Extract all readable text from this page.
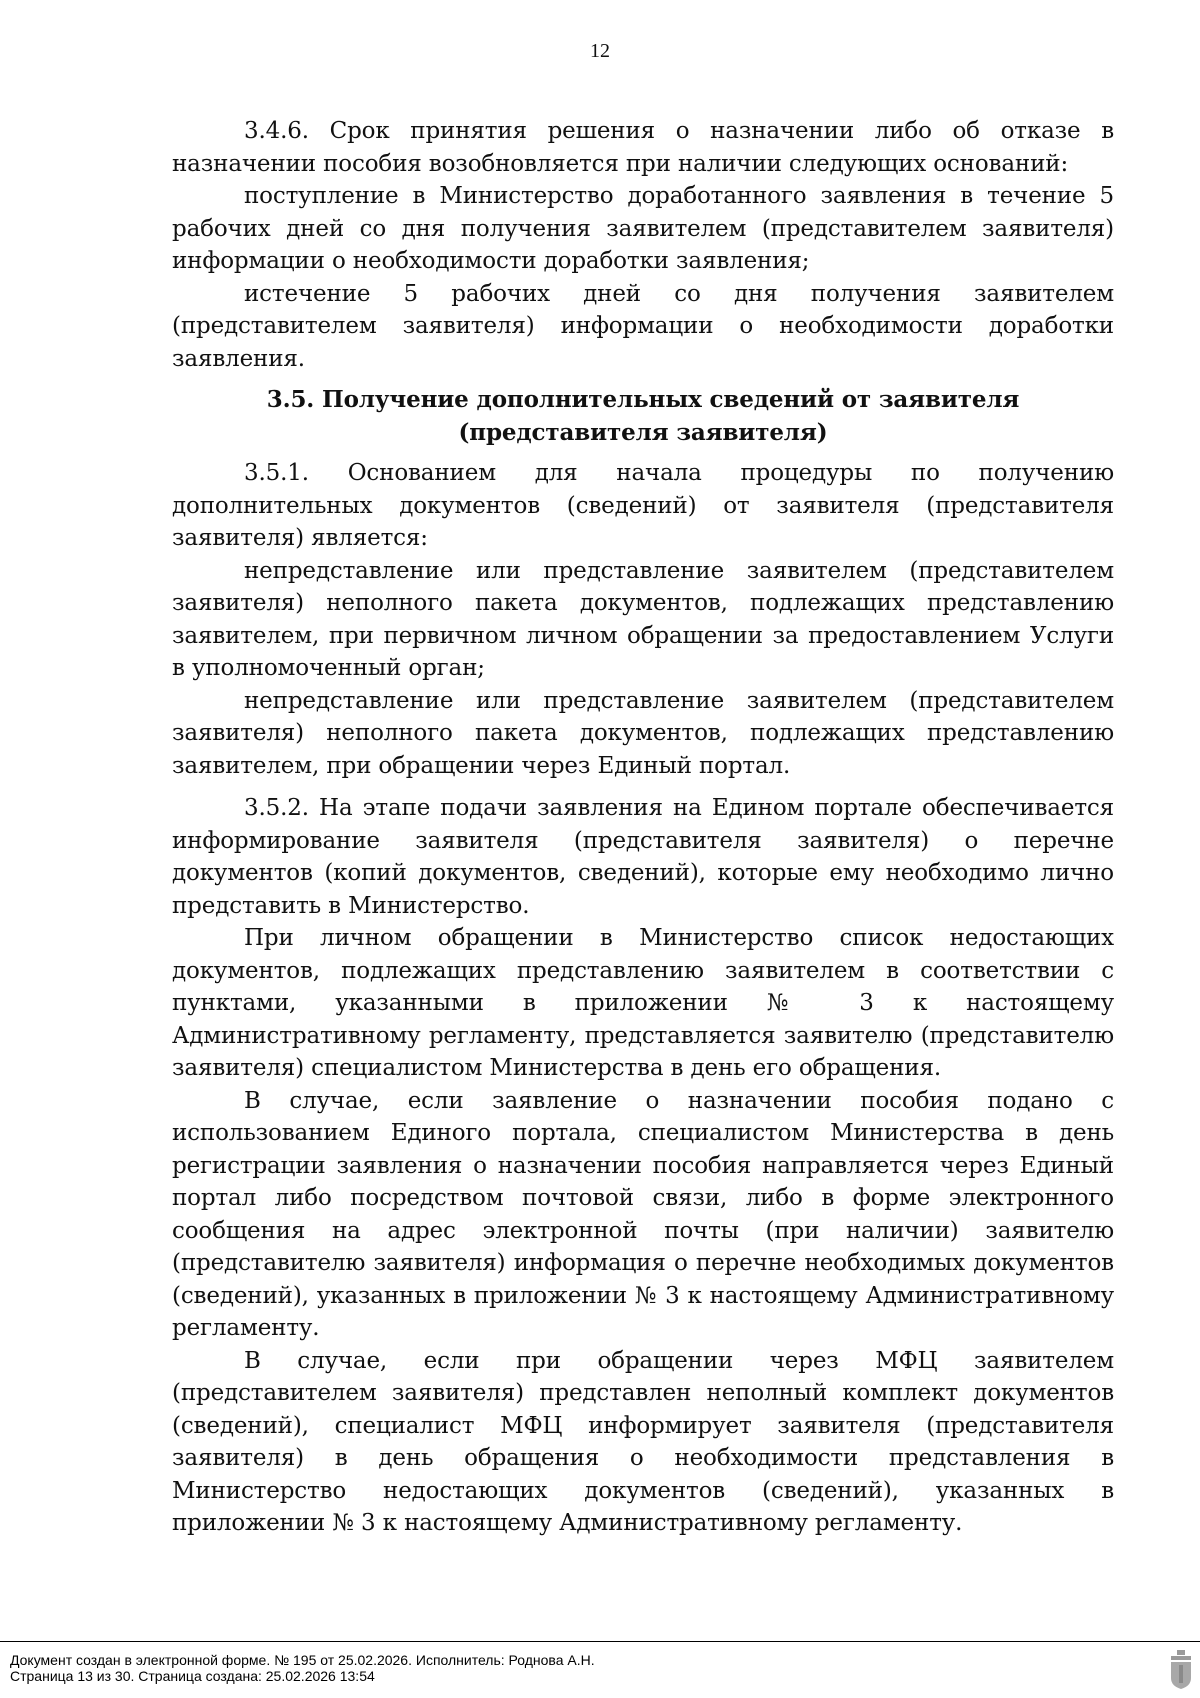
12

3.4.6. Срок принятия решения о назначении либо об отказе в назначении пособия возобновляется при наличии следующих оснований:

поступление в Министерство доработанного заявления в течение 5 рабочих дней со дня получения заявителем (представителем заявителя) информации о необходимости доработки заявления;

истечение 5 рабочих дней со дня получения заявителем (представителем заявителя) информации о необходимости доработки заявления.

3.5. Получение дополнительных сведений от заявителя (представителя заявителя)

3.5.1. Основанием для начала процедуры по получению дополнительных документов (сведений) от заявителя (представителя заявителя) является:

непредставление или представление заявителем (представителем заявителя) неполного пакета документов, подлежащих представлению заявителем, при первичном личном обращении за предоставлением Услуги в уполномоченный орган;

непредставление или представление заявителем (представителем заявителя) неполного пакета документов, подлежащих представлению заявителем, при обращении через Единый портал.

3.5.2. На этапе подачи заявления на Едином портале обеспечивается информирование заявителя (представителя заявителя) о перечне документов (копий документов, сведений), которые ему необходимо лично представить в Министерство.

При личном обращении в Министерство список недостающих документов, подлежащих представлению заявителем в соответствии с пунктами, указанными в приложении № 3 к настоящему Административному регламенту, представляется заявителю (представителю заявителя) специалистом Министерства в день его обращения.

В случае, если заявление о назначении пособия подано с использованием Единого портала, специалистом Министерства в день регистрации заявления о назначении пособия направляется через Единый портал либо посредством почтовой связи, либо в форме электронного сообщения на адрес электронной почты (при наличии) заявителю (представителю заявителя) информация о перечне необходимых документов (сведений), указанных в приложении № 3 к настоящему Административному регламенту.

В случае, если при обращении через МФЦ заявителем (представителем заявителя) представлен неполный комплект документов (сведений), специалист МФЦ информирует заявителя (представителя заявителя) в день обращения о необходимости представления в Министерство недостающих документов (сведений), указанных в приложении № 3 к настоящему Административному регламенту.

Документ создан в электронной форме. № 195 от 25.02.2026. Исполнитель: Роднова А.Н.
Страница 13 из 30. Страница создана: 25.02.2026 13:54
